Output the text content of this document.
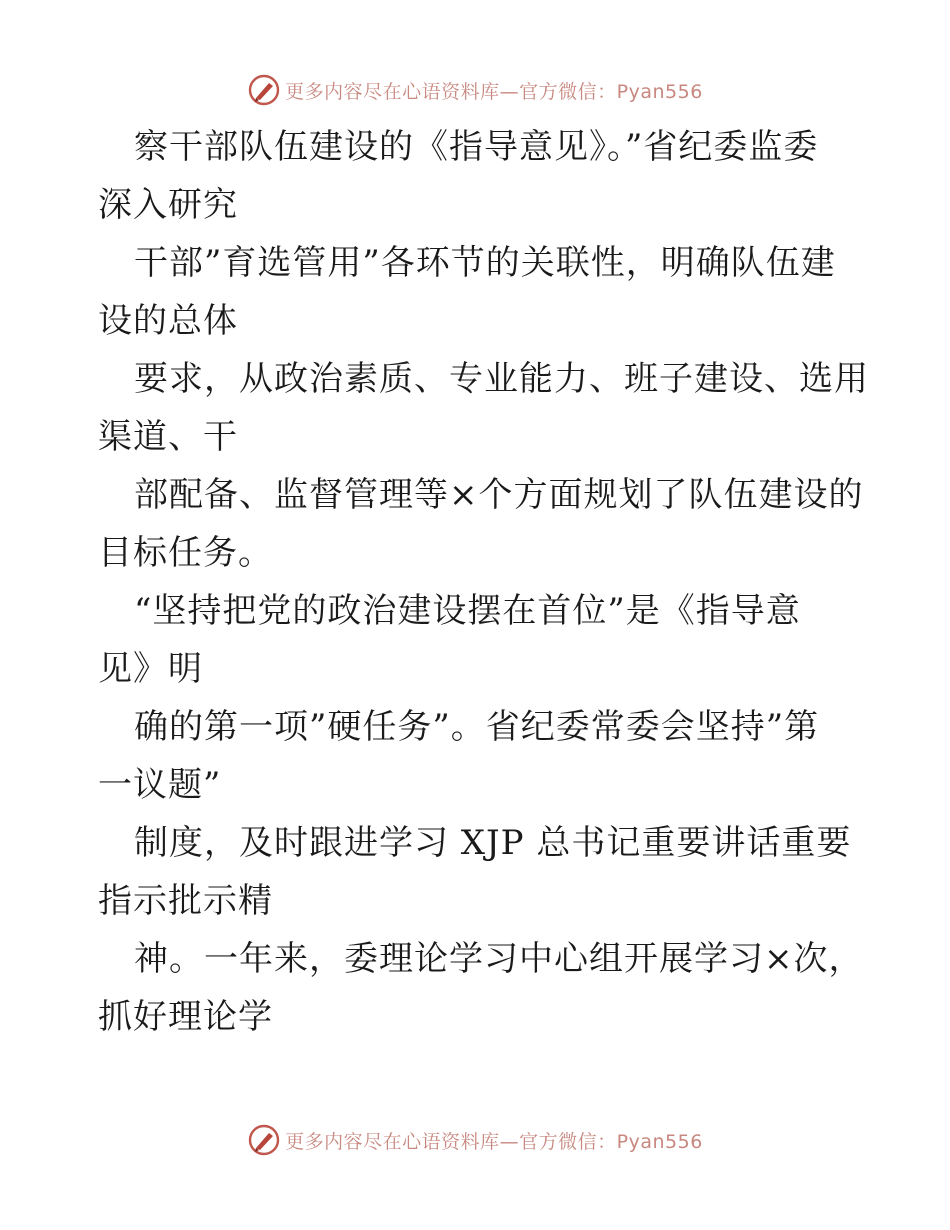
更多内容尽在心语资料库—官方微信：Pyan556
察干部队伍建设的《指导意见》。”省纪委监委
深入研究
干部”育选管用”各环节的关联性，明确队伍建
设的总体
要求，从政治素质、专业能力、班子建设、选用
渠道、干
部配备、监督管理等×个方面规划了队伍建设的
目标任务。
“坚持把党的政治建设摆在首位”是《指导意
见》明
确的第一项”硬任务”。省纪委常委会坚持”第
一议题”
制度，及时跟进学习 XJP 总书记重要讲话重要
指示批示精
神。一年来，委理论学习中心组开展学习×次，
抓好理论学
更多内容尽在心语资料库—官方微信：Pyan556
